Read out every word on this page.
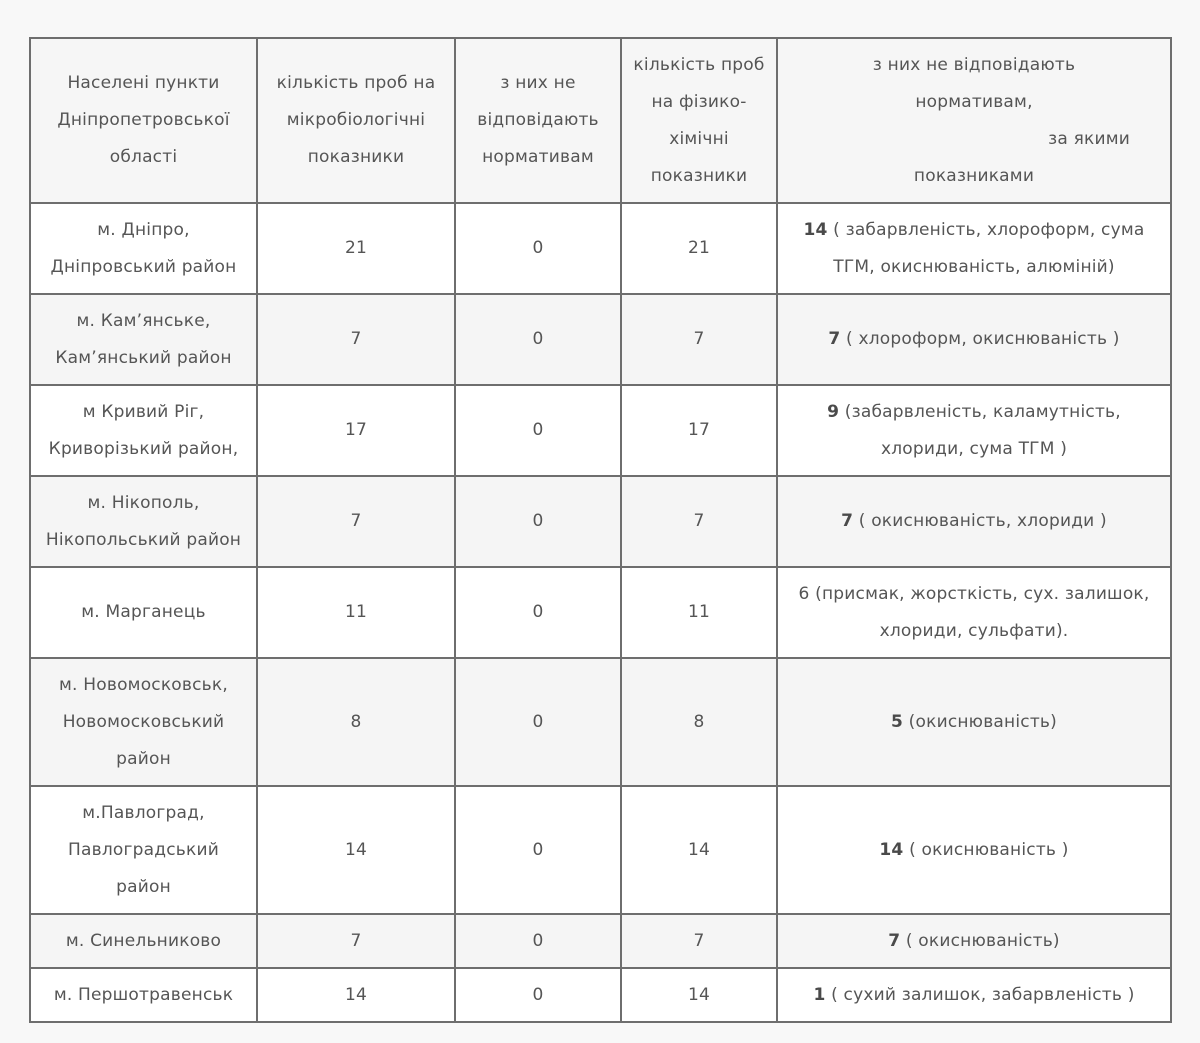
Населені пункти
Дніпропетровської
області	кількість проб на
мікробіологічні
показники	з них не
відповідають
нормативам	кількість проб
на фізико-
хімічні
показники	з них не відповідають
нормативам,
за якими
показниками

м. Дніпро,
Дніпровський район	21	0	21	14 ( забарвленість, хлороформ, сума ТГМ, окиснюваність, алюміній)

м. Кам’янське,
Кам’янський район	7	0	7	7 ( хлороформ, окиснюваність )

м Кривий Ріг,
Криворізький район,	17	0	17	9 (забарвленість, каламутність, хлориди, сума ТГМ )

м. Нікополь,
Нікопольський район	7	0	7	7 ( окиснюваність, хлориди )

м. Марганець	11	0	11	6 (присмак, жорсткість, сух. залишок, хлориди, сульфати).

м. Новомосковськ,
Новомосковський
район	8	0	8	5 (окиснюваність)

м.Павлоград,
Павлоградський
район	14	0	14	14 ( окиснюваність )

м. Синельниково	7	0	7	7 ( окиснюваність)

м. Першотравенськ	14	0	14	1 ( сухий залишок, забарвленість )
